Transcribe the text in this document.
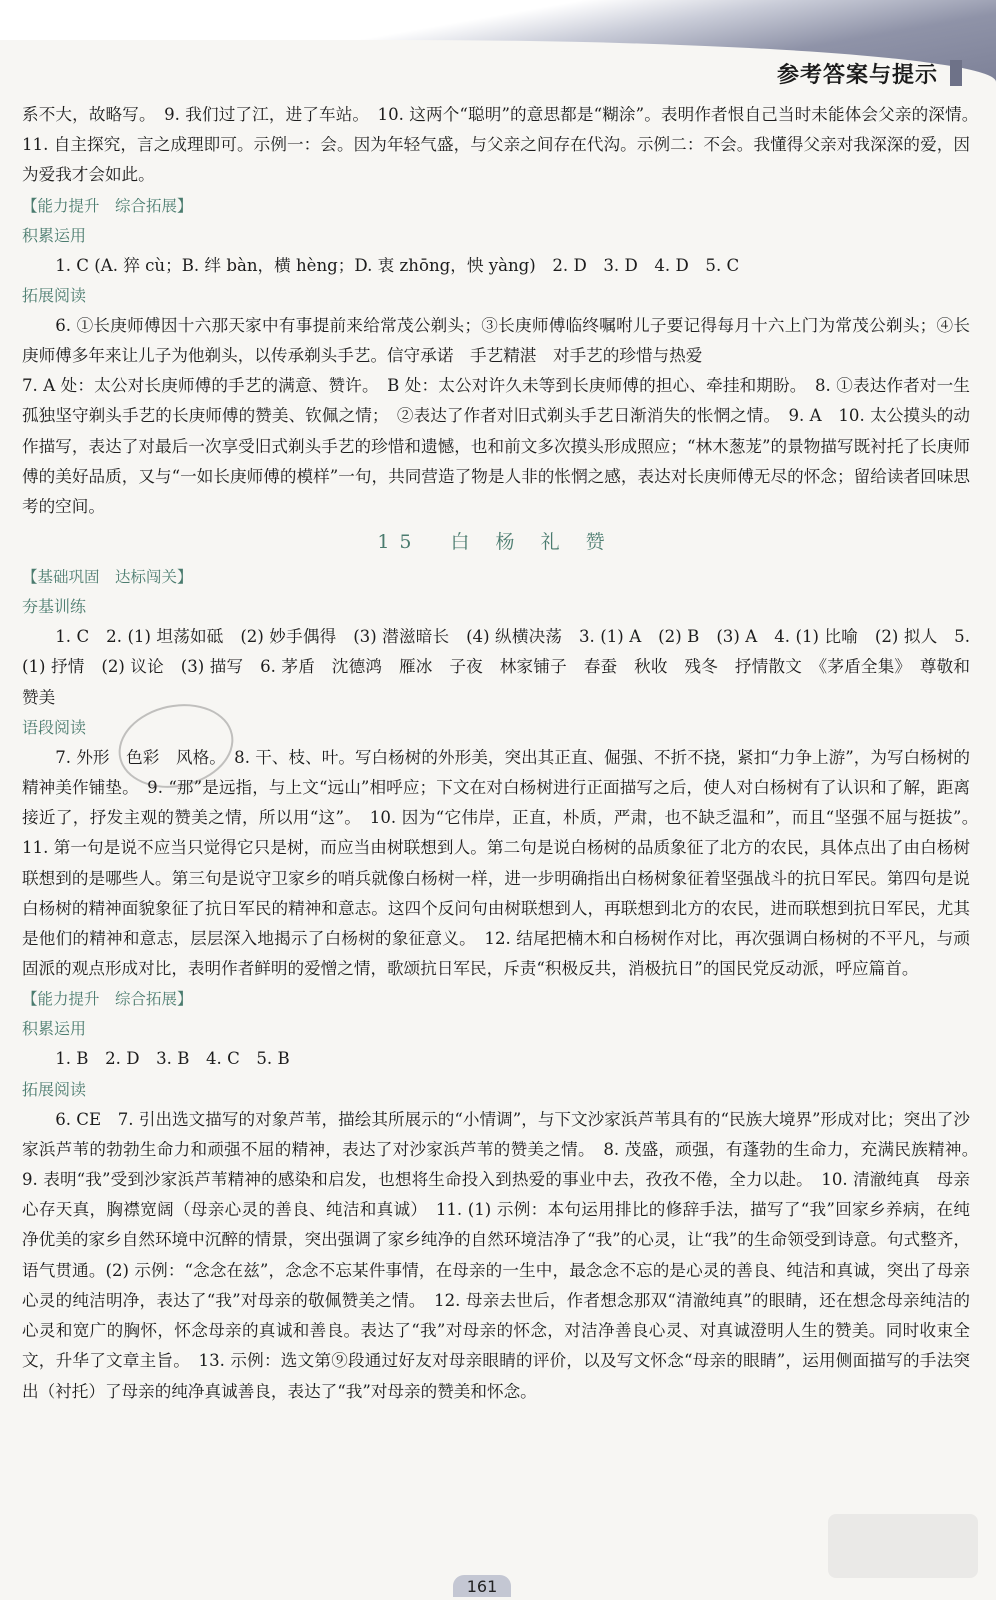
参考答案与提示

系不大，故略写。　9. 我们过了江，进了车站。　10. 这两个“聪明”的意思都是“糊涂”。表明作者恨自己当时未能体会父亲的深情。　11. 自主探究，言之成理即可。示例一：会。因为年轻气盛，与父亲之间存在代沟。示例二：不会。我懂得父亲对我深深的爱，因为爱我才会如此。

【能力提升　综合拓展】
积累运用

1. C (A. 猝 cù；B. 绊 bàn，横 hèng；D. 衷 zhōng，怏 yàng)　2. D　3. D　4. D　5. C

拓展阅读

6. ①长庚师傅因十六那天家中有事提前来给常茂公剃头；③长庚师傅临终嘱咐儿子要记得每月十六上门为常茂公剃头；④长庚师傅多年来让儿子为他剃头，以传承剃头手艺。信守承诺　手艺精湛　对手艺的珍惜与热爱

7. A 处：太公对长庚师傅的手艺的满意、赞许。　B 处：太公对许久未等到长庚师傅的担心、牵挂和期盼。　8. ①表达作者对一生孤独坚守剃头手艺的长庚师傅的赞美、钦佩之情；　②表达了作者对旧式剃头手艺日渐消失的怅惘之情。　9. A　10. 太公摸头的动作描写，表达了对最后一次享受旧式剃头手艺的珍惜和遗憾，也和前文多次摸头形成照应；“林木葱茏”的景物描写既衬托了长庚师傅的美好品质，又与“一如长庚师傅的模样”一句，共同营造了物是人非的怅惘之感，表达对长庚师傅无尽的怀念；留给读者回味思考的空间。

15　白 杨 礼 赞
【基础巩固　达标闯关】
夯基训练

1. C　2. (1) 坦荡如砥　(2) 妙手偶得　(3) 潜滋暗长　(4) 纵横决荡　3. (1) A　(2) B　(3) A　4. (1) 比喻　(2) 拟人　5. (1) 抒情　(2) 议论　(3) 描写　6. 茅盾　沈德鸿　雁冰　子夜　林家铺子　春蚕　秋收　残冬　抒情散文　《茅盾全集》　尊敬和赞美

语段阅读

7. 外形　色彩　风格。　8. 干、枝、叶。写白杨树的外形美，突出其正直、倔强、不折不挠，紧扣“力争上游”，为写白杨树的精神美作铺垫。　9. “那”是远指，与上文“远山”相呼应；下文在对白杨树进行正面描写之后，使人对白杨树有了认识和了解，距离接近了，抒发主观的赞美之情，所以用“这”。　10. 因为“它伟岸，正直，朴质，严肃，也不缺乏温和”，而且“坚强不屈与挺拔”。　11. 第一句是说不应当只觉得它只是树，而应当由树联想到人。第二句是说白杨树的品质象征了北方的农民，具体点出了由白杨树联想到的是哪些人。第三句是说守卫家乡的哨兵就像白杨树一样，进一步明确指出白杨树象征着坚强战斗的抗日军民。第四句是说白杨树的精神面貌象征了抗日军民的精神和意志。这四个反问句由树联想到人，再联想到北方的农民，进而联想到抗日军民，尤其是他们的精神和意志，层层深入地揭示了白杨树的象征意义。　12. 结尾把楠木和白杨树作对比，再次强调白杨树的不平凡，与顽固派的观点形成对比，表明作者鲜明的爱憎之情，歌颂抗日军民，斥责“积极反共，消极抗日”的国民党反动派，呼应篇首。

【能力提升　综合拓展】
积累运用

1. B　2. D　3. B　4. C　5. B

拓展阅读

6. CE　7. 引出选文描写的对象芦苇，描绘其所展示的“小情调”，与下文沙家浜芦苇具有的“民族大境界”形成对比；突出了沙家浜芦苇的勃勃生命力和顽强不屈的精神，表达了对沙家浜芦苇的赞美之情。　8. 茂盛，顽强，有蓬勃的生命力，充满民族精神。　9. 表明“我”受到沙家浜芦苇精神的感染和启发，也想将生命投入到热爱的事业中去，孜孜不倦，全力以赴。　10. 清澈纯真　母亲心存天真，胸襟宽阔（母亲心灵的善良、纯洁和真诚）　11. (1) 示例：本句运用排比的修辞手法，描写了“我”回家乡养病，在纯净优美的家乡自然环境中沉醉的情景，突出强调了家乡纯净的自然环境洁净了“我”的心灵，让“我”的生命领受到诗意。句式整齐，语气贯通。(2) 示例：“念念在兹”，念念不忘某件事情，在母亲的一生中，最念念不忘的是心灵的善良、纯洁和真诚，突出了母亲心灵的纯洁明净，表达了“我”对母亲的敬佩赞美之情。　12. 母亲去世后，作者想念那双“清澈纯真”的眼睛，还在想念母亲纯洁的心灵和宽广的胸怀，怀念母亲的真诚和善良。表达了“我”对母亲的怀念，对洁净善良心灵、对真诚澄明人生的赞美。同时收束全文，升华了文章主旨。　13. 示例：选文第⑨段通过好友对母亲眼睛的评价，以及写文怀念“母亲的眼睛”，运用侧面描写的手法突出（衬托）了母亲的纯净真诚善良，表达了“我”对母亲的赞美和怀念。

161
